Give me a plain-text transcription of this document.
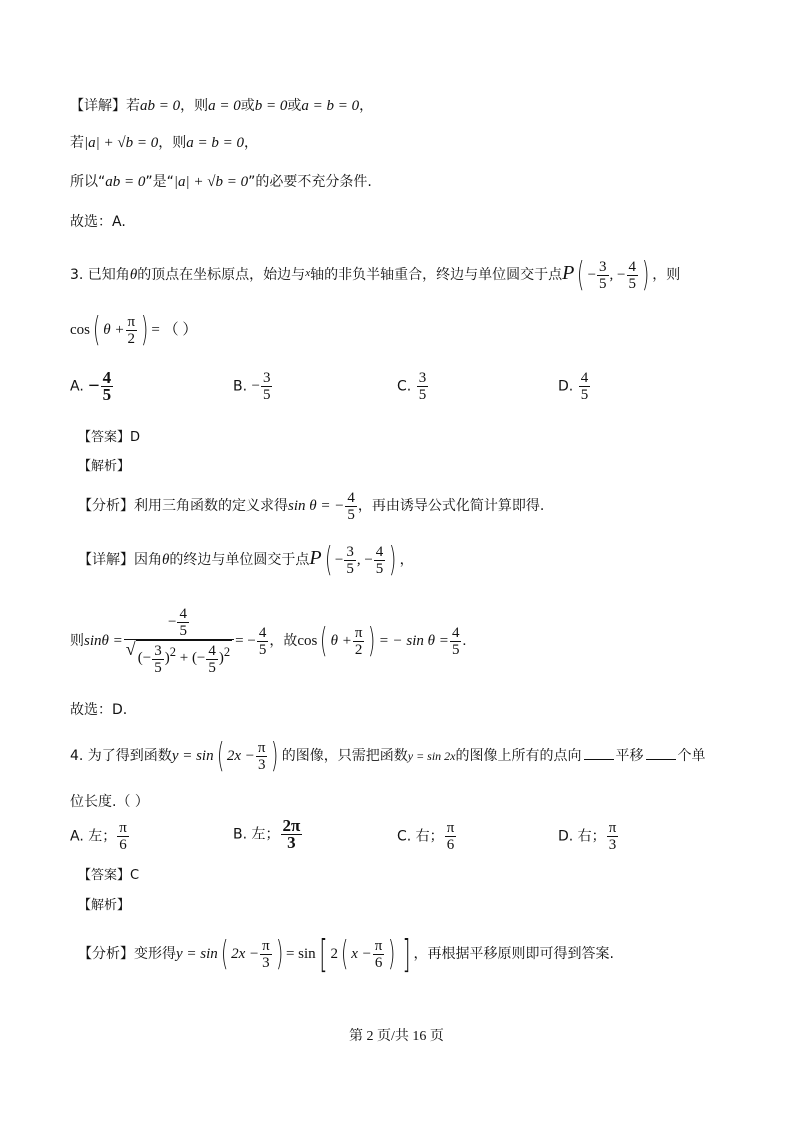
【详解】若ab = 0，则a = 0或b = 0或a = b = 0，
若|a| + √b = 0，则a = b = 0，
所以“ab = 0”是“|a| + √b = 0”的必要不充分条件.
故选：A.
3. 已知角θ的顶点在坐标原点，始边与$^x$轴的非负半轴重合，终边与单位圆交于点$P( - \frac{3}{5}$ , − $\frac{4}{5}$ ) ，则
cos( $\theta + \frac{\pi}{2}$ ) = （ ）
A. − $\frac{4}{5}$	B. − $\frac{3}{5}$	C. $\frac{3}{5}$	D. $\frac{4}{5}$
【答案】D
【解析】
【分析】利用三角函数的定义求得sin θ = − $\frac{4}{5}$ ，再由诱导公式化简计算即得.
【详解】因角θ的终边与单位圆交于点$P( - \frac{3}{5}$ , − $\frac{4}{5}$ ) ，
则$\sin\theta = \frac{- \frac{4}{5}}{√ (- \frac{3}{5} )^2 + (- \frac{4}{5} )^2}$ = − $\frac{4}{5}$ ，故cos( $\theta + \frac{\pi}{2}$ ) = − $\sin \theta = \frac{4}{5}$ .
故选：D.
4. 为了得到函数y = sin( $2x - \frac{\pi}{3}$ ) 的图像，只需把函数y = sin 2x的图像上所有的点向 平移 个单
位长度.（ ）
A. 左； $\frac{\pi}{6}$	B. 左； $\frac{2\pi}{3}$	C. 右； $\frac{\pi}{6}$	D. 右； $\frac{\pi}{3}$
【答案】C
【解析】
【分析】变形得y = sin( $2x - \frac{\pi}{3}$ ) = sin[ 2( $x - \frac{\pi}{6}$ ) ] ，再根据平移原则即可得到答案.
第 2 页/共 16 页
